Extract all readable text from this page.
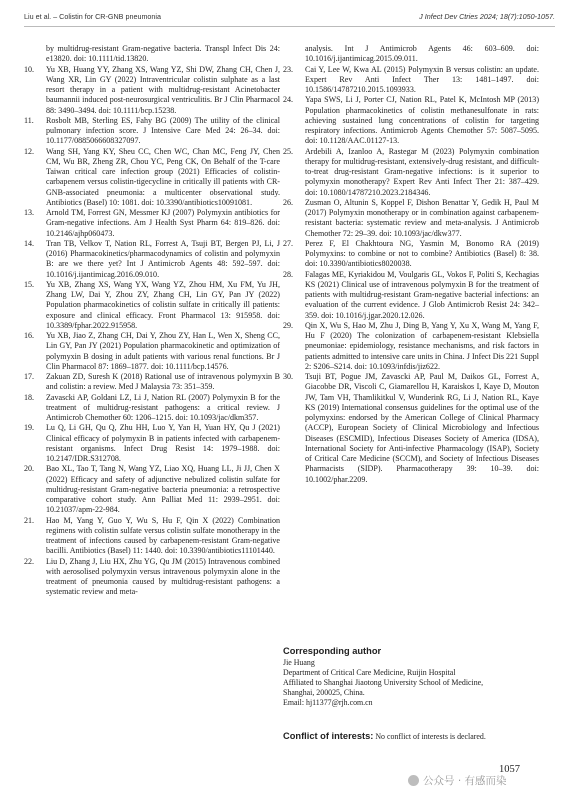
Liu et al. – Colistin for CR-GNB pneumonia	J Infect Dev Ctries 2024; 18(7):1050-1057.
by multidrug-resistant Gram-negative bacteria. Transpl Infect Dis 24: e13820. doi: 10.1111/tid.13820.
10.	Yu XB, Huang YY, Zhang XS, Wang YZ, Shi DW, Zhang CH, Chen J, Wang XR, Lin GY (2022) Intraventricular colistin sulphate as a last resort therapy in a patient with multidrug-resistant Acinetobacter baumannii induced post-neurosurgical ventriculitis. Br J Clin Pharmacol 88: 3490–3494. doi: 10.1111/bcp.15238.
11.	Rosbolt MB, Sterling ES, Fahy BG (2009) The utility of the clinical pulmonary infection score. J Intensive Care Med 24: 26–34. doi: 10.1177/0885066608327097.
12.	Wang SH, Yang KY, Sheu CC, Chen WC, Chan MC, Feng JY, Chen CM, Wu BR, Zheng ZR, Chou YC, Peng CK, On Behalf of the T-care Taiwan critical care infection group (2021) Efficacies of colistin-carbapenem versus colistin-tigecycline in critically ill patients with CR-GNB-associated pneumonia: a multicenter observational study. Antibiotics (Basel) 10: 1081. doi: 10.3390/antibiotics10091081.
13.	Arnold TM, Forrest GN, Messmer KJ (2007) Polymyxin antibiotics for Gram-negative infections. Am J Health Syst Pharm 64: 819–826. doi: 10.2146/ajhp060473.
14.	Tran TB, Velkov T, Nation RL, Forrest A, Tsuji BT, Bergen PJ, Li, J (2016) Pharmacokinetics/pharmacodynamics of colistin and polymyxin B: are we there yet? Int J Antimicrob Agents 48: 592–597. doi: 10.1016/j.ijantimicag.2016.09.010.
15.	Yu XB, Zhang XS, Wang YX, Wang YZ, Zhou HM, Xu FM, Yu JH, Zhang LW, Dai Y, Zhou ZY, Zhang CH, Lin GY, Pan JY (2022) Population pharmacokinetics of colistin sulfate in critically ill patients: exposure and clinical efficacy. Front Pharmacol 13: 915958. doi: 10.3389/fphar.2022.915958.
16.	Yu XB, Jiao Z, Zhang CH, Dai Y, Zhou ZY, Han L, Wen X, Sheng CC, Lin GY, Pan JY (2021) Population pharmacokinetic and optimization of polymyxin B dosing in adult patients with various renal functions. Br J Clin Pharmacol 87: 1869–1877. doi: 10.1111/bcp.14576.
17.	Zakuan ZD, Suresh K (2018) Rational use of intravenous polymyxin B and colistin: a review. Med J Malaysia 73: 351–359.
18.	Zavascki AP, Goldani LZ, Li J, Nation RL (2007) Polymyxin B for the treatment of multidrug-resistant pathogens: a critical review. J Antimicrob Chemother 60: 1206–1215. doi: 10.1093/jac/dkm357.
19.	Lu Q, Li GH, Qu Q, Zhu HH, Luo Y, Yan H, Yuan HY, Qu J (2021) Clinical efficacy of polymyxin B in patients infected with carbapenem-resistant organisms. Infect Drug Resist 14: 1979–1988. doi: 10.2147/IDR.S312708.
20.	Bao XL, Tao T, Tang N, Wang YZ, Liao XQ, Huang LL, Ji JJ, Chen X (2022) Efficacy and safety of adjunctive nebulized colistin sulfate for multidrug-resistant Gram-negative bacteria pneumonia: a retrospective comparative cohort study. Ann Palliat Med 11: 2939–2951. doi: 10.21037/apm-22-984.
21.	Hao M, Yang Y, Guo Y, Wu S, Hu F, Qin X (2022) Combination regimens with colistin sulfate versus colistin sulfate monotherapy in the treatment of infections caused by carbapenem-resistant Gram-negative bacilli. Antibiotics (Basel) 11: 1440. doi: 10.3390/antibiotics11101440.
22.	Liu D, Zhang J, Liu HX, Zhu YG, Qu JM (2015) Intravenous combined with aerosolised polymyxin versus intravenous polymyxin alone in the treatment of pneumonia caused by multidrug-resistant pathogens: a systematic review and meta-
analysis. Int J Antimicrob Agents 46: 603–609. doi: 10.1016/j.ijantimicag.2015.09.011.
23.	Cai Y, Lee W, Kwa AL (2015) Polymyxin B versus colistin: an update. Expert Rev Anti Infect Ther 13: 1481–1497. doi: 10.1586/14787210.2015.1093933.
24.	Yapa SWS, Li J, Porter CJ, Nation RL, Patel K, McIntosh MP (2013) Population pharmacokinetics of colistin methanesulfonate in rats: achieving sustained lung concentrations of colistin for targeting respiratory infections. Antimicrob Agents Chemother 57: 5087–5095. doi: 10.1128/AAC.01127-13.
25.	Ardebili A, Izanloo A, Rastegar M (2023) Polymyxin combination therapy for multidrug-resistant, extensively-drug resistant, and difficult-to-treat drug-resistant Gram-negative infections: is it superior to polymyxin monotherapy? Expert Rev Anti Infect Ther 21: 387–429. doi: 10.1080/14787210.2023.2184346.
26.	Zusman O, Altunin S, Koppel F, Dishon Benattar Y, Gedik H, Paul M (2017) Polymyxin monotherapy or in combination against carbapenem-resistant bacteria: systematic review and meta-analysis. J Antimicrob Chemother 72: 29–39. doi: 10.1093/jac/dkw377.
27.	Perez F, El Chakhtoura NG, Yasmin M, Bonomo RA (2019) Polymyxins: to combine or not to combine? Antibiotics (Basel) 8: 38. doi: 10.3390/antibiotics8020038.
28.	Falagas ME, Kyriakidou M, Voulgaris GL, Vokos F, Politi S, Kechagias KS (2021) Clinical use of intravenous polymyxin B for the treatment of patients with multidrug-resistant Gram-negative bacterial infections: an evaluation of the current evidence. J Glob Antimicrob Resist 24: 342–359. doi: 10.1016/j.jgar.2020.12.026.
29.	Qin X, Wu S, Hao M, Zhu J, Ding B, Yang Y, Xu X, Wang M, Yang F, Hu F (2020) The colonization of carbapenem-resistant Klebsiella pneumoniae: epidemiology, resistance mechanisms, and risk factors in patients admitted to intensive care units in China. J Infect Dis 221 Suppl 2: S206–S214. doi: 10.1093/infdis/jiz622.
30.	Tsuji BT, Pogue JM, Zavascki AP, Paul M, Daikos GL, Forrest A, Giacobbe DR, Viscoli C, Giamarellou H, Karaiskos I, Kaye D, Mouton JW, Tam VH, Thamlikitkul V, Wunderink RG, Li J, Nation RL, Kaye KS (2019) International consensus guidelines for the optimal use of the polymyxins: endorsed by the American College of Clinical Pharmacy (ACCP), European Society of Clinical Microbiology and Infectious Diseases (ESCMID), Infectious Diseases Society of America (IDSA), International Society for Anti-infective Pharmacology (ISAP), Society of Critical Care Medicine (SCCM), and Society of Infectious Diseases Pharmacists (SIDP). Pharmacotherapy 39: 10–39. doi: 10.1002/phar.2209.
Corresponding author
Jie Huang
Department of Critical Care Medicine, Ruijin Hospital
Affiliated to Shanghai Jiaotong University School of Medicine,
Shanghai, 200025, China.
Email: hj11377@rjh.com.cn
Conflict of interests: No conflict of interests is declared.
1057
公众号 · 有感而染
